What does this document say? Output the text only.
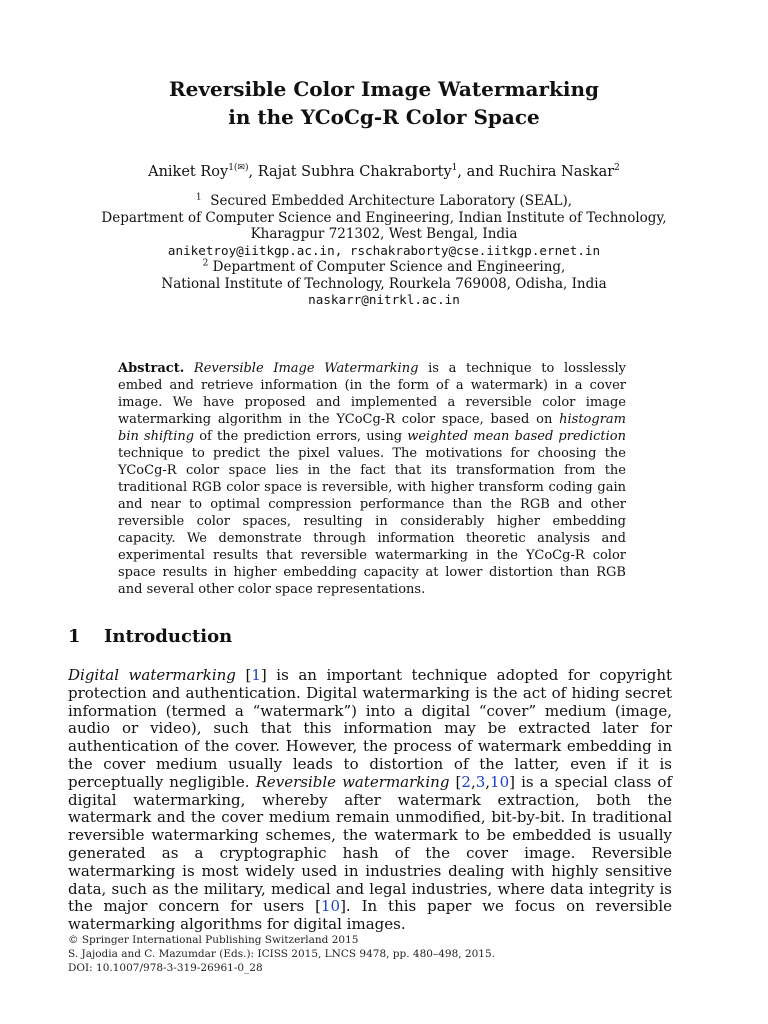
Reversible Color Image Watermarking
in the YCoCg-R Color Space
Aniket Roy$^{1(✉)}$, Rajat Subhra Chakraborty$^1$, and Ruchira Naskar$^2$
$^1$ Secured Embedded Architecture Laboratory (SEAL),
Department of Computer Science and Engineering, Indian Institute of Technology,
Kharagpur 721302, West Bengal, India
aniketroy@iitkgp.ac.in, rschakraborty@cse.iitkgp.ernet.in
$^2$ Department of Computer Science and Engineering,
National Institute of Technology, Rourkela 769008, Odisha, India
naskarr@nitrkl.ac.in
Abstract. Reversible Image Watermarking is a technique to losslessly embed and retrieve information (in the form of a watermark) in a cover image. We have proposed and implemented a reversible color image watermarking algorithm in the YCoCg-R color space, based on histogram bin shifting of the prediction errors, using weighted mean based prediction technique to predict the pixel values. The motivations for choosing the YCoCg-R color space lies in the fact that its transformation from the traditional RGB color space is reversible, with higher transform coding gain and near to optimal compression performance than the RGB and other reversible color spaces, resulting in considerably higher embedding capacity. We demonstrate through information theoretic analysis and experimental results that reversible watermarking in the YCoCg-R color space results in higher embedding capacity at lower distortion than RGB and several other color space representations.
1 Introduction
Digital watermarking [1] is an important technique adopted for copyright protection and authentication. Digital watermarking is the act of hiding secret information (termed a “watermark”) into a digital “cover” medium (image, audio or video), such that this information may be extracted later for authentication of the cover. However, the process of watermark embedding in the cover medium usually leads to distortion of the latter, even if it is perceptually negligible. Reversible watermarking [2,3,10] is a special class of digital watermarking, whereby after watermark extraction, both the watermark and the cover medium remain unmodified, bit-by-bit. In traditional reversible watermarking schemes, the watermark to be embedded is usually generated as a cryptographic hash of the cover image. Reversible watermarking is most widely used in industries dealing with highly sensitive data, such as the military, medical and legal industries, where data integrity is the major concern for users [10]. In this paper we focus on reversible watermarking algorithms for digital images.
© Springer International Publishing Switzerland 2015
S. Jajodia and C. Mazumdar (Eds.): ICISS 2015, LNCS 9478, pp. 480–498, 2015.
DOI: 10.1007/978-3-319-26961-0_28
